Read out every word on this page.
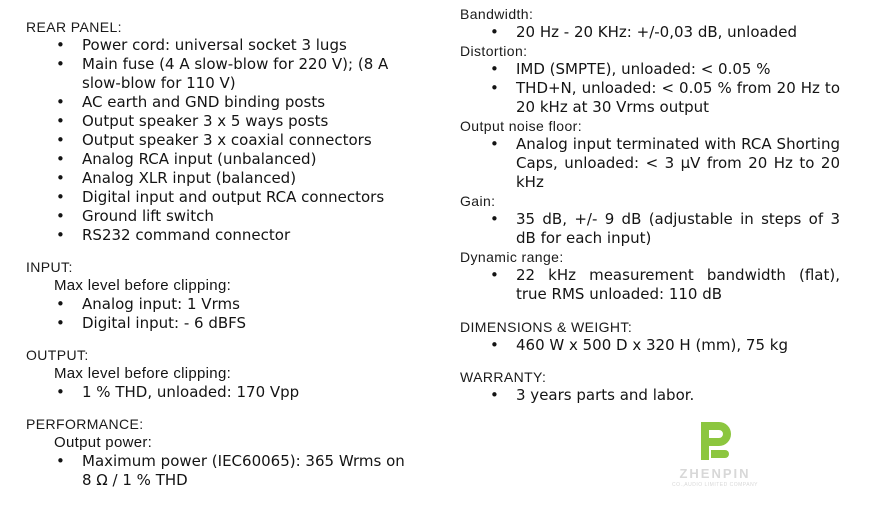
REAR PANEL:

• Power cord: universal socket 3 lugs
• Main fuse (4 A slow-blow for 220 V); (8 A slow-blow for 110 V)
• AC earth and GND binding posts
• Output speaker 3 x 5 ways posts
• Output speaker 3 x coaxial connectors
• Analog RCA input (unbalanced)
• Analog XLR input (balanced)
• Digital input and output RCA connectors
• Ground lift switch
• RS232 command connector

INPUT:

Max level before clipping:

• Analog input: 1 Vrms
• Digital input: - 6 dBFS

OUTPUT:

Max level before clipping:

• 1 % THD, unloaded: 170 Vpp

PERFORMANCE:

Output power:

• Maximum power (IEC60065): 365 Wrms on 8 Ω / 1 % THD

Bandwidth:

• 20 Hz - 20 KHz: +/-0,03 dB, unloaded

Distortion:

• IMD (SMPTE), unloaded: < 0.05 %
• THD+N, unloaded: < 0.05 % from 20 Hz to 20 kHz at 30 Vrms output

Output noise floor:

• Analog input terminated with RCA Shorting Caps, unloaded: < 3 μV from 20 Hz to 20 kHz

Gain:

• 35 dB, +/- 9 dB (adjustable in steps of 3 dB for each input)

Dynamic range:

• 22 kHz measurement bandwidth (flat), true RMS unloaded: 110 dB

DIMENSIONS & WEIGHT:

• 460 W x 500 D x 320 H (mm), 75 kg

WARRANTY:

• 3 years parts and labor.
ZHENPIN
CO.,AUDIO LIMITED COMPANY
